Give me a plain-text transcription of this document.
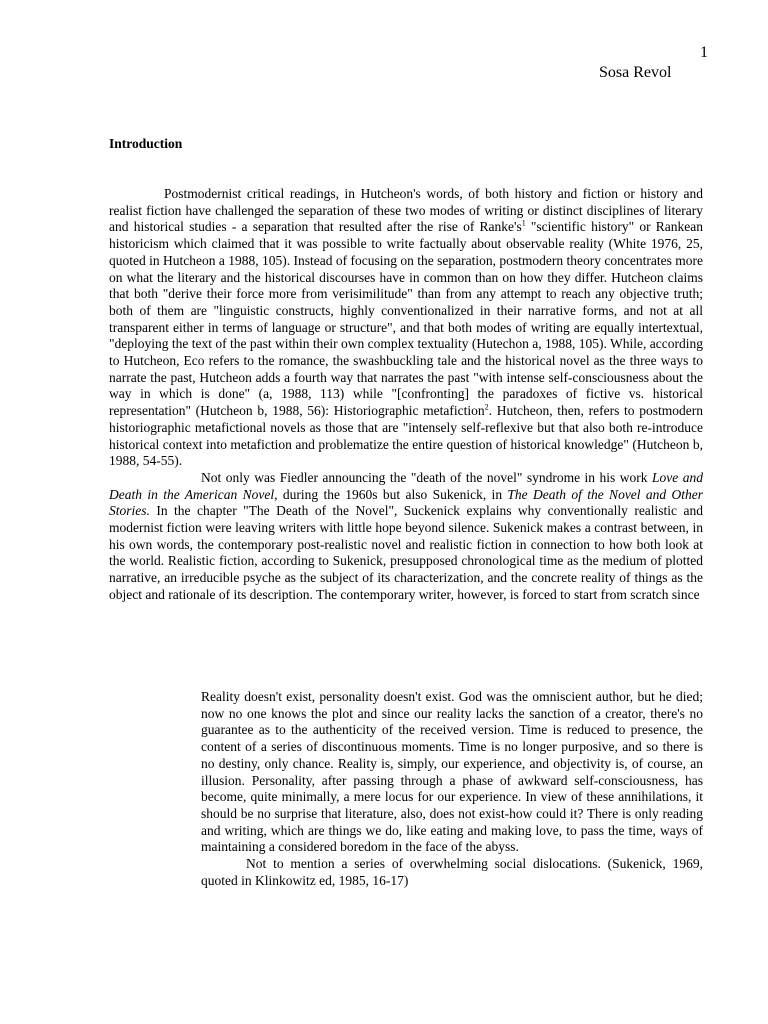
1
Sosa Revol
Introduction

Postmodernist critical readings, in Hutcheon's words, of both history and fiction or history and realist fiction have challenged the separation of these two modes of writing or distinct disciplines of literary and historical studies - a separation that resulted after the rise of $Ranke's^1$ "scientific history" or Rankean historicism which claimed that it was possible to write factually about observable reality (White 1976, 25, quoted in Hutcheon a 1988, 105). Instead of focusing on the separation, postmodern theory concentrates more on what the literary and the historical discourses have in common than on how they differ. Hutcheon claims that both "derive their force more from verisimilitude" than from any attempt to reach any objective truth; both of them are "linguistic constructs, highly conventionalized in their narrative forms, and not at all transparent either in terms of language or structure", and that both modes of writing are equally intertextual, "deploying the text of the past within their own complex textuality (Hutechon a, 1988, 105). While, according to Hutcheon, Eco refers to the romance, the swashbuckling tale and the historical novel as the three ways to narrate the past, Hutcheon adds a fourth way that narrates the past "with intense self-consciousness about the way in which is done" (a, 1988, 113) while "[confronting] the paradoxes of fictive vs. historical representation" (Hutcheon b, 1988, 56): Historiographic metafiction$^2$. Hutcheon, then, refers to postmodern historiographic metafictional novels as those that are "intensely self-reflexive but that also both re-introduce historical context into metafiction and problematize the entire question of historical knowledge" (Hutcheon b, 1988, 54-55).

Not only was Fiedler announcing the "death of the novel" syndrome in his work Love and Death in the American Novel, during the 1960s but also Sukenick, in The Death of the Novel and Other Stories. In the chapter "The Death of the Novel", Suckenick explains why conventionally realistic and modernist fiction were leaving writers with little hope beyond silence. Sukenick makes a contrast between, in his own words, the contemporary post-realistic novel and realistic fiction in connection to how both look at the world. Realistic fiction, according to Sukenick, presupposed chronological time as the medium of plotted narrative, an irreducible psyche as the subject of its characterization, and the concrete reality of things as the object and rationale of its description. The contemporary writer, however, is forced to start from scratch since

Reality doesn't exist, personality doesn't exist. God was the omniscient author, but he died; now no one knows the plot and since our reality lacks the sanction of a creator, there's no guarantee as to the authenticity of the received version. Time is reduced to presence, the content of a series of discontinuous moments. Time is no longer purposive, and so there is no destiny, only chance. Reality is, simply, our experience, and objectivity is, of course, an illusion. Personality, after passing through a phase of awkward self-consciousness, has become, quite minimally, a mere locus for our experience. In view of these annihilations, it should be no surprise that literature, also, does not exist-how could it? There is only reading and writing, which are things we do, like eating and making love, to pass the time, ways of maintaining a considered boredom in the face of the abyss.

Not to mention a series of overwhelming social dislocations. (Sukenick, 1969, quoted in Klinkowitz ed, 1985, 16-17)
